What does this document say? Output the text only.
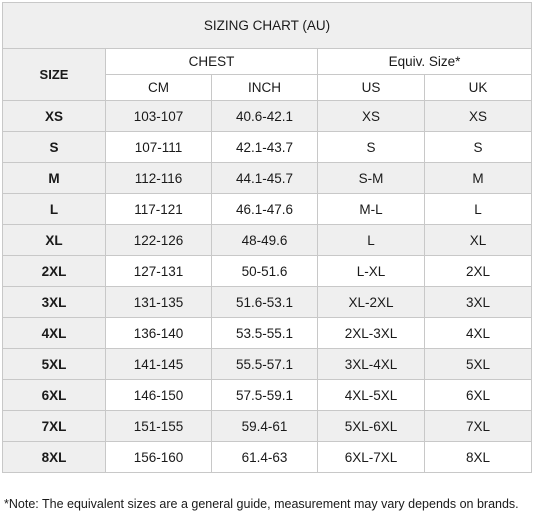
SIZING CHART (AU)				
SIZE	CHEST		Equiv. Size*	
	CM	INCH	US	UK
XS	103-107	40.6-42.1	XS	XS
S	107-111	42.1-43.7	S	S
M	112-116	44.1-45.7	S-M	M
L	117-121	46.1-47.6	M-L	L
XL	122-126	48-49.6	L	XL
2XL	127-131	50-51.6	L-XL	2XL
3XL	131-135	51.6-53.1	XL-2XL	3XL
4XL	136-140	53.5-55.1	2XL-3XL	4XL
5XL	141-145	55.5-57.1	3XL-4XL	5XL
6XL	146-150	57.5-59.1	4XL-5XL	6XL
7XL	151-155	59.4-61	5XL-6XL	7XL
8XL	156-160	61.4-63	6XL-7XL	8XL
*Note: The equivalent sizes are a general guide, measurement may vary depends on brands.
